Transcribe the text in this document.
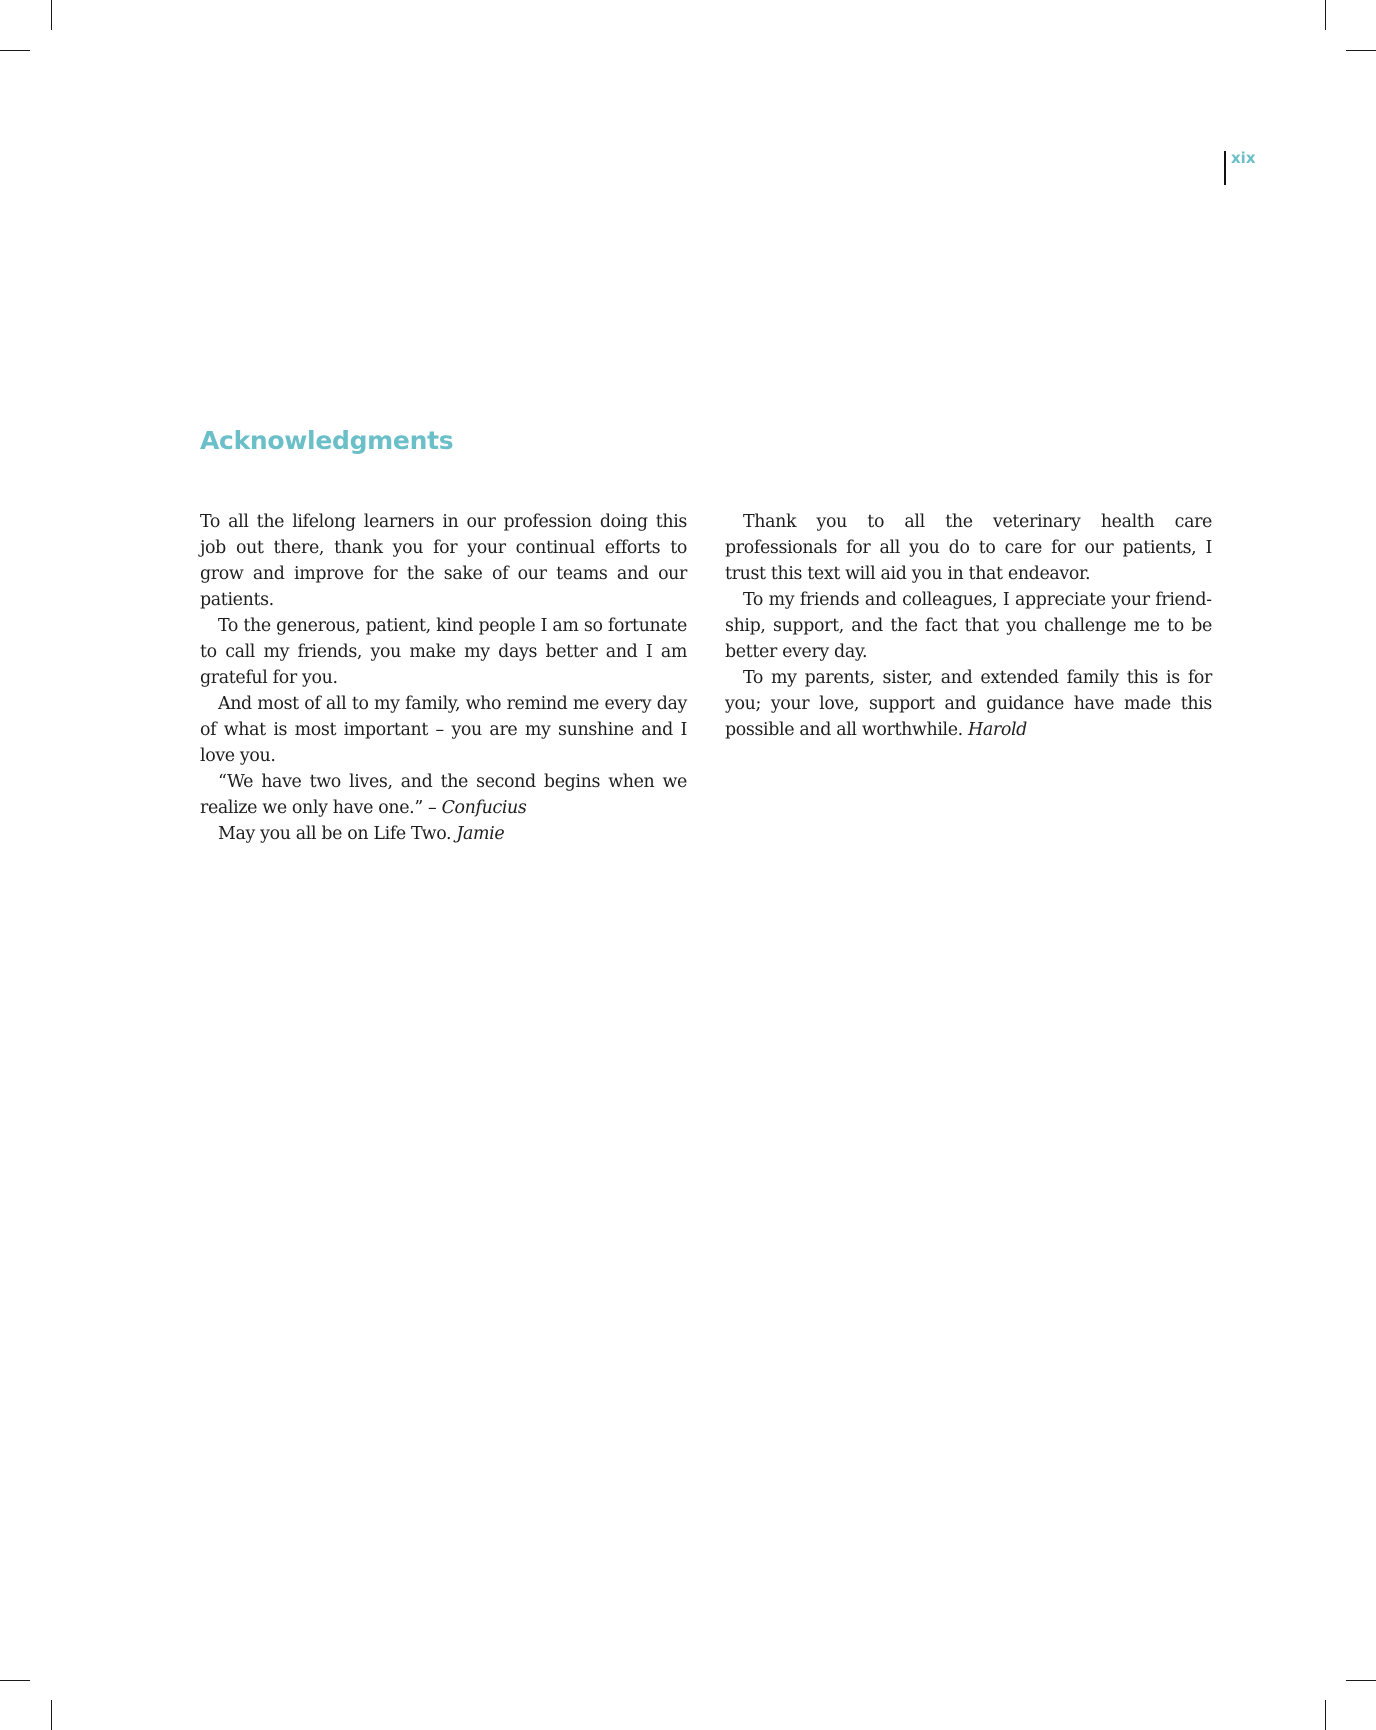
xix
Acknowledgments

To all the lifelong learners in our profession doing this job out there, thank you for your continual efforts to grow and improve for the sake of our teams and our patients.

To the generous, patient, kind people I am so fortunate to call my friends, you make my days better and I am grateful for you.

And most of all to my family, who remind me every day of what is most important – you are my sunshine and I love you.

“We have two lives, and the second begins when we realize we only have one.” – Confucius

May you all be on Life Two. Jamie

Thank you to all the veterinary health care professionals for all you do to care for our patients, I trust this text will aid you in that endeavor.

To my friends and colleagues, I appreciate your friendship, support, and the fact that you challenge me to be better every day.

To my parents, sister, and extended family this is for you; your love, support and guidance have made this possible and all worthwhile. Harold
